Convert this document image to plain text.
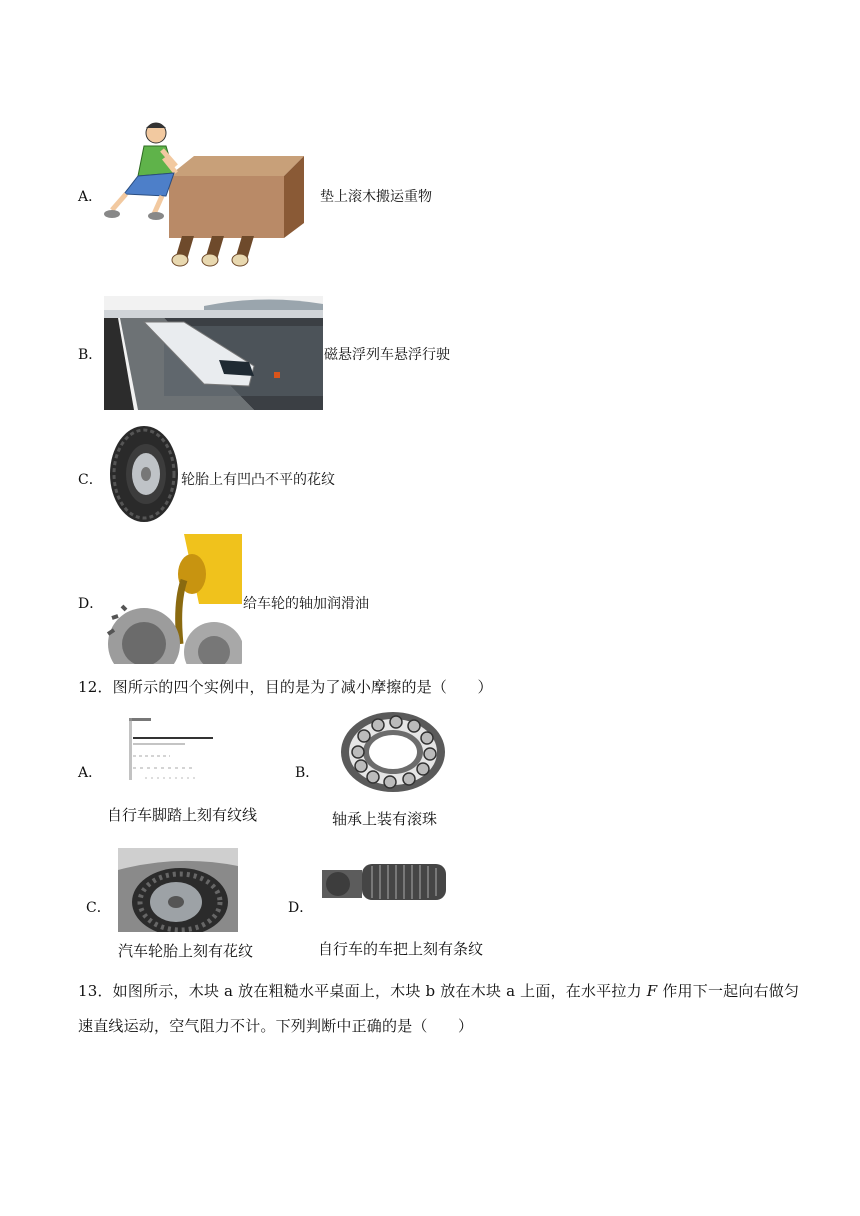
A．	垫上滚木搬运重物
B．	磁悬浮列车悬浮行驶
C．	轮胎上有凹凸不平的花纹
D．	给车轮的轴加润滑油
12．图所示的四个实例中，目的是为了减小摩擦的是（　　）
A．
自行车脚踏上刻有纹线
B．
轴承上装有滚珠
C．
汽车轮胎上刻有花纹
D．
自行车的车把上刻有条纹
13．如图所示，木块 a 放在粗糙水平桌面上，木块 b 放在木块 a 上面，在水平拉力 F 作用下一起向右做匀
速直线运动，空气阻力不计。下列判断中正确的是（　　）
